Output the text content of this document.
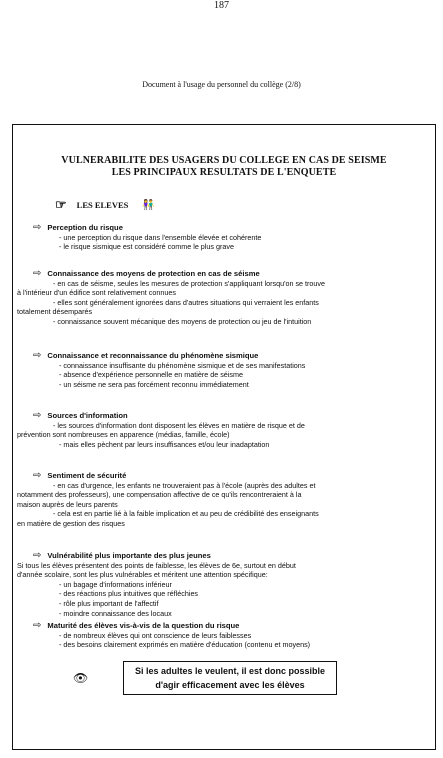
187
Document à l'usage du personnel du collège (2/8)
VULNERABILITE DES USAGERS DU COLLEGE EN CAS DE SEISME
LES PRINCIPAUX RESULTATS DE L'ENQUETE
☞ LES ELEVES 👫
⇨ Perception du risque
- une perception du risque dans l'ensemble élevée et cohérente
- le risque sismique est considéré comme le plus grave
⇨ Connaissance des moyens de protection en cas de séisme
- en cas de séisme, seules les mesures de protection s'appliquant lorsqu'on se trouve
à l'intérieur d'un édifice sont relativement connues
- elles sont généralement ignorées dans d'autres situations qui verraient les enfants
totalement désemparés
- connaissance souvent mécanique des moyens de protection ou jeu de l'intuition
⇨ Connaissance et reconnaissance du phénomène sismique
- connaissance insuffisante du phénomène sismique et de ses manifestations
- absence d'expérience personnelle en matière de séisme
- un séisme ne sera pas forcément reconnu immédiatement
⇨ Sources d'information
- les sources d'information dont disposent les élèves en matière de risque et de
prévention sont nombreuses en apparence (médias, famille, école)
- mais elles pèchent par leurs insuffisances et/ou leur inadaptation
⇨ Sentiment de sécurité
- en cas d'urgence, les enfants ne trouveraient pas à l'école (auprès des adultes et
notamment des professeurs), une compensation affective de ce qu'ils rencontreraient à la
maison auprès de leurs parents
- cela est en partie lié à la faible implication et au peu de crédibilité des enseignants
en matière de gestion des risques
⇨ Vulnérabilité plus importante des plus jeunes
Si tous les élèves présentent des points de faiblesse, les élèves de 6e, surtout en début
d'année scolaire, sont les plus vulnérables et méritent une attention spécifique:
- un bagage d'informations inférieur
- des réactions plus intuitives que réfléchies
- rôle plus important de l'affectif
- moindre connaissance des locaux
⇨ Maturité des élèves vis-à-vis de la question du risque
- de nombreux élèves qui ont conscience de leurs faiblesses
- des besoins clairement exprimés en matière d'éducation (contenu et moyens)
👁	Si les adultes le veulent, il est donc possible
d'agir efficacement avec les élèves
